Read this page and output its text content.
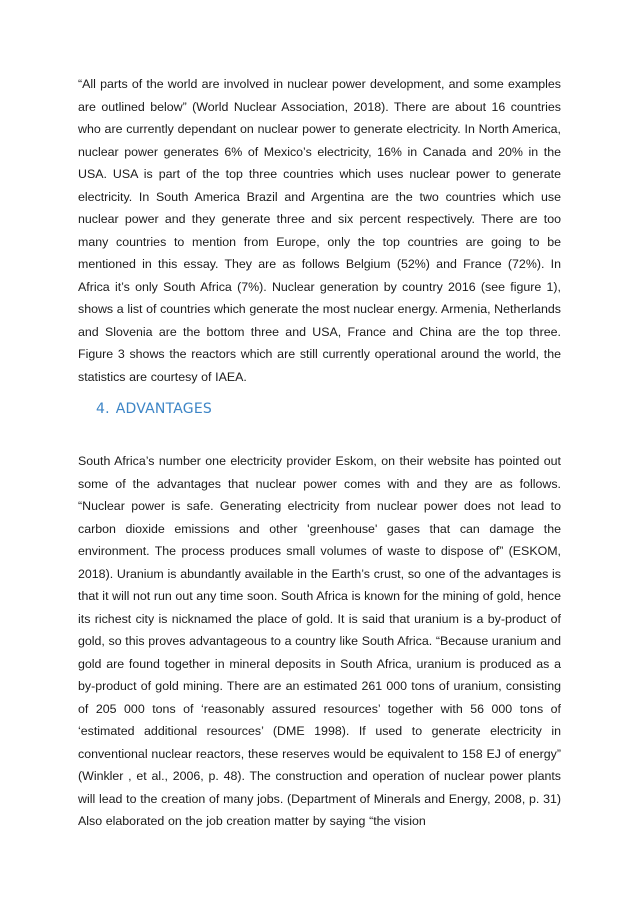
“All parts of the world are involved in nuclear power development, and some examples are outlined below” (World Nuclear Association, 2018). There are about 16 countries who are currently dependant on nuclear power to generate electricity. In North America, nuclear power generates 6% of Mexico’s electricity, 16% in Canada and 20% in the USA. USA is part of the top three countries which uses nuclear power to generate electricity. In South America Brazil and Argentina are the two countries which use nuclear power and they generate three and six percent respectively. There are too many countries to mention from Europe, only the top countries are going to be mentioned in this essay. They are as follows Belgium (52%) and France (72%). In Africa it’s only South Africa (7%). Nuclear generation by country 2016 (see figure 1), shows a list of countries which generate the most nuclear energy. Armenia, Netherlands and Slovenia are the bottom three and USA, France and China are the top three. Figure 3 shows the reactors which are still currently operational around the world, the statistics are courtesy of IAEA.

4. ADVANTAGES

South Africa’s number one electricity provider Eskom, on their website has pointed out some of the advantages that nuclear power comes with and they are as follows. “Nuclear power is safe. Generating electricity from nuclear power does not lead to carbon dioxide emissions and other 'greenhouse' gases that can damage the environment. The process produces small volumes of waste to dispose of” (ESKOM, 2018). Uranium is abundantly available in the Earth’s crust, so one of the advantages is that it will not run out any time soon. South Africa is known for the mining of gold, hence its richest city is nicknamed the place of gold. It is said that uranium is a by-product of gold, so this proves advantageous to a country like South Africa. “Because uranium and gold are found together in mineral deposits in South Africa, uranium is produced as a by-product of gold mining. There are an estimated 261 000 tons of uranium, consisting of 205 000 tons of ‘reasonably assured resources’ together with 56 000 tons of ‘estimated additional resources’ (DME 1998). If used to generate electricity in conventional nuclear reactors, these reserves would be equivalent to 158 EJ of energy” (Winkler , et al., 2006, p. 48). The construction and operation of nuclear power plants will lead to the creation of many jobs. (Department of Minerals and Energy, 2008, p. 31) Also elaborated on the job creation matter by saying “the vision
